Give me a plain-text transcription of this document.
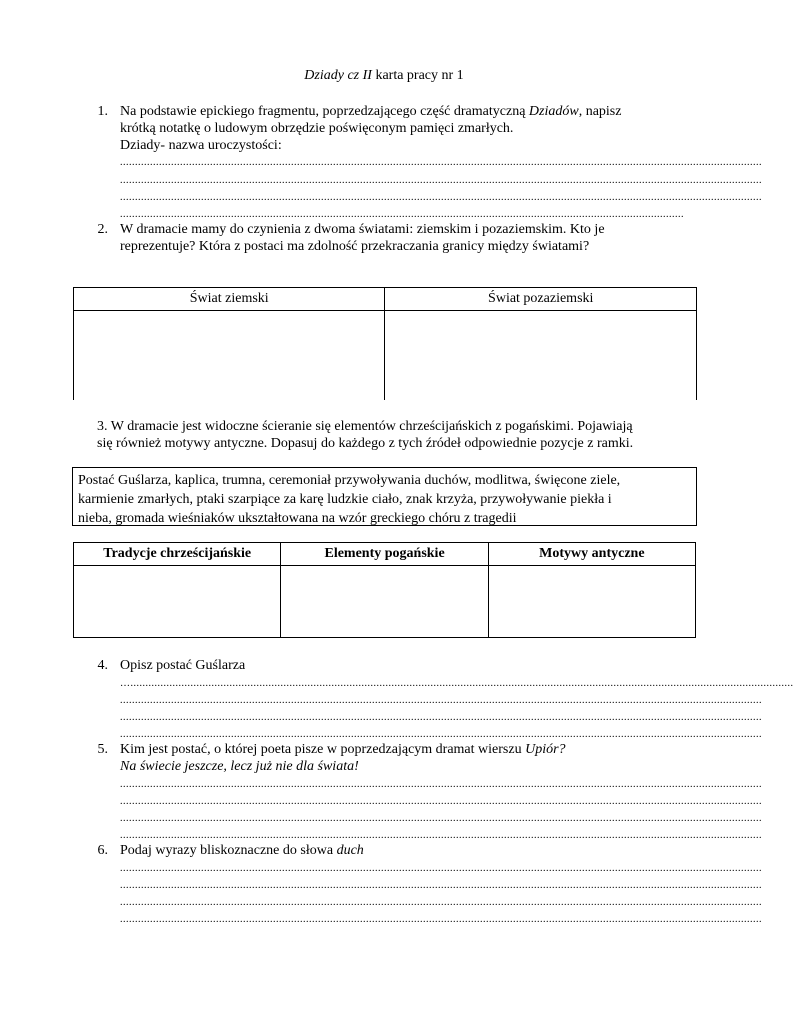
Dziady cz II karta pracy nr 1
1. Na podstawie epickiego fragmentu, poprzedzającego część dramatyczną Dziadów, napisz
krótką notatkę o ludowym obrzędzie poświęconym pamięci zmarłych.
Dziady- nazwa uroczystości:
......................................................................................................................................................................................................................
......................................................................................................................................................................................................................
......................................................................................................................................................................................................................
............................................................................................................................................................................................
2. W dramacie mamy do czynienia z dwoma światami: ziemskim i pozaziemskim. Kto je
reprezentuje? Która z postaci ma zdolność przekraczania granicy między światami?
Świat ziemski	Świat pozaziemski

3. W dramacie jest widoczne ścieranie się elementów chrześcijańskich z pogańskimi. Pojawiają
się również motywy antyczne. Dopasuj do każdego z tych źródeł odpowiednie pozycje z ramki.
Postać Guślarza, kaplica, trumna, ceremoniał przywoływania duchów, modlitwa, święcone ziele,
karmienie zmarłych, ptaki szarpiące za karę ludzkie ciało, znak krzyża, przywoływanie piekła i
nieba, gromada wieśniaków ukształtowana na wzór greckiego chóru z tragedii
Tradycje chrześcijańskie	Elementy pogańskie	Motywy antyczne

4. Opisz postać Guślarza
….............................................................................................................................................................................................................................
......................................................................................................................................................................................................................
......................................................................................................................................................................................................................
......................................................................................................................................................................................................................
5. Kim jest postać, o której poeta pisze w poprzedzającym dramat wierszu Upiór?
Na świecie jeszcze, lecz już nie dla świata!
......................................................................................................................................................................................................................
......................................................................................................................................................................................................................
......................................................................................................................................................................................................................
......................................................................................................................................................................................................................
6. Podaj wyrazy bliskoznaczne do słowa duch
......................................................................................................................................................................................................................
......................................................................................................................................................................................................................
......................................................................................................................................................................................................................
......................................................................................................................................................................................................................
